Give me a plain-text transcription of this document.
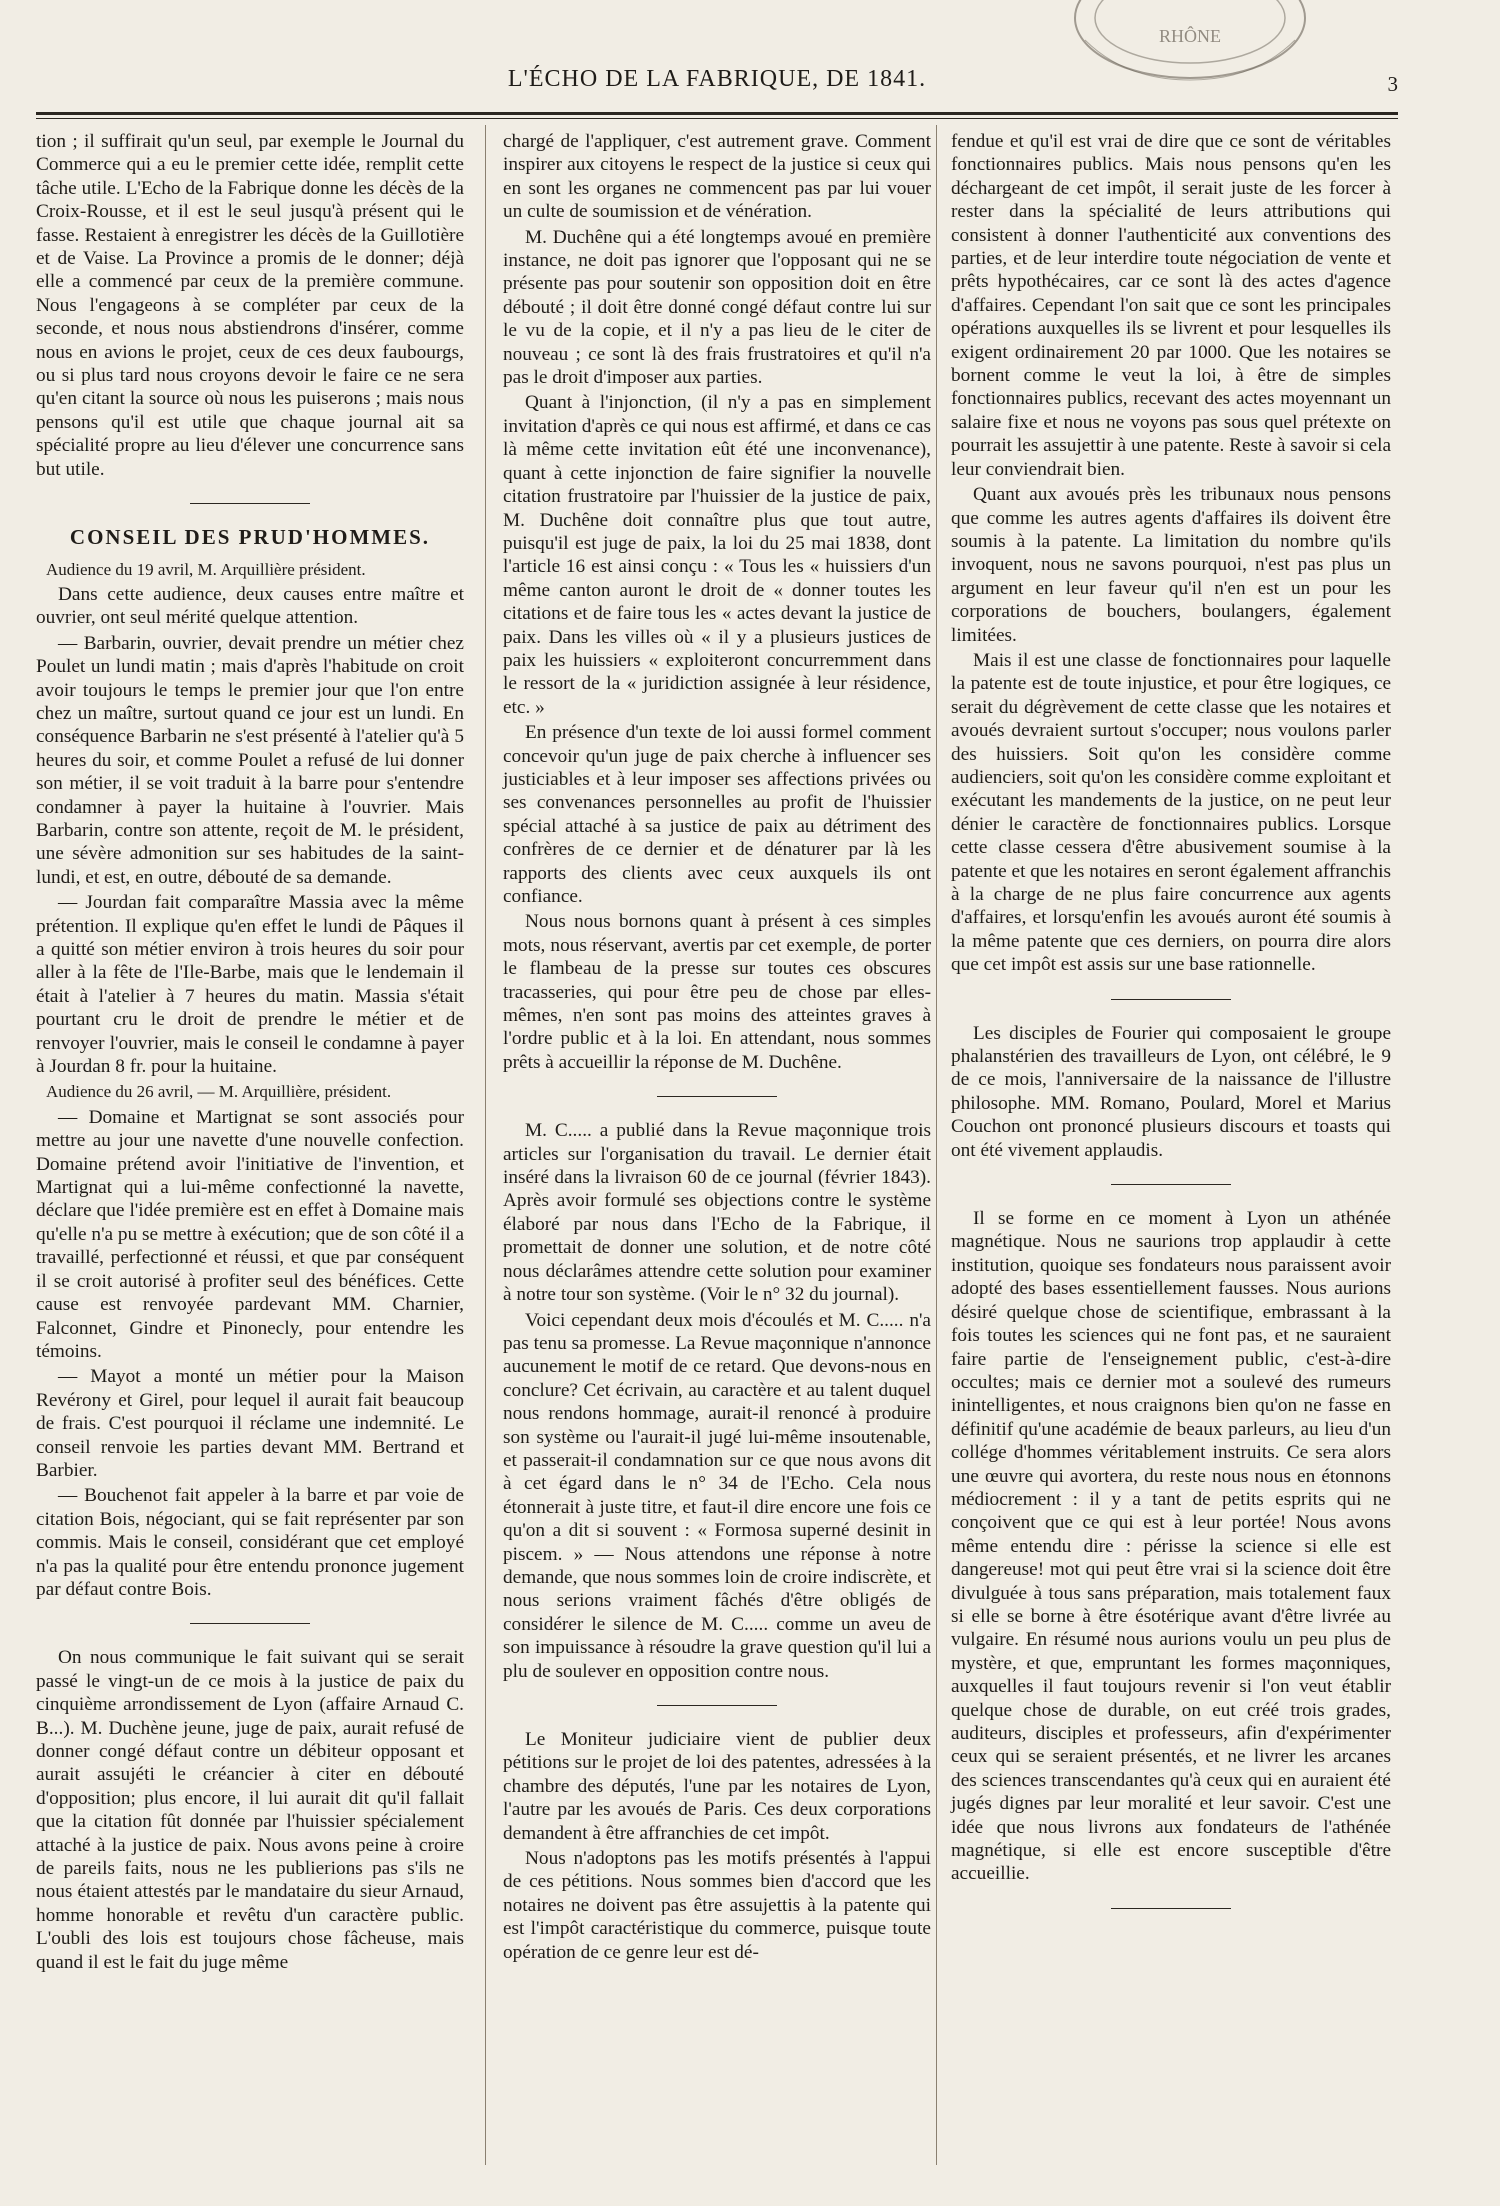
L'ÉCHO DE LA FABRIQUE, DE 1841.	3
RHÔNE

tion ; il suffirait qu'un seul, par exemple le Journal du Commerce qui a eu le premier cette idée, remplit cette tâche utile. L'Echo de la Fabrique donne les décès de la Croix-Rousse, et il est le seul jusqu'à présent qui le fasse. Restaient à enregistrer les décès de la Guillotière et de Vaise. La Province a promis de le donner; déjà elle a commencé par ceux de la première commune. Nous l'engageons à se compléter par ceux de la seconde, et nous nous abstiendrons d'insérer, comme nous en avions le projet, ceux de ces deux faubourgs, ou si plus tard nous croyons devoir le faire ce ne sera qu'en citant la source où nous les puiserons ; mais nous pensons qu'il est utile que chaque journal ait sa spécialité propre au lieu d'élever une concurrence sans but utile.

CONSEIL DES PRUD'HOMMES.

Audience du 19 avril, M. Arquillière président.

Dans cette audience, deux causes entre maître et ouvrier, ont seul mérité quelque attention.

— Barbarin, ouvrier, devait prendre un métier chez Poulet un lundi matin ; mais d'après l'habitude on croit avoir toujours le temps le premier jour que l'on entre chez un maître, surtout quand ce jour est un lundi. En conséquence Barbarin ne s'est présenté à l'atelier qu'à 5 heures du soir, et comme Poulet a refusé de lui donner son métier, il se voit traduit à la barre pour s'entendre condamner à payer la huitaine à l'ouvrier. Mais Barbarin, contre son attente, reçoit de M. le président, une sévère admonition sur ses habitudes de la saint-lundi, et est, en outre, débouté de sa demande.

— Jourdan fait comparaître Massia avec la même prétention. Il explique qu'en effet le lundi de Pâques il a quitté son métier environ à trois heures du soir pour aller à la fête de l'Ile-Barbe, mais que le lendemain il était à l'atelier à 7 heures du matin. Massia s'était pourtant cru le droit de prendre le métier et de renvoyer l'ouvrier, mais le conseil le condamne à payer à Jourdan 8 fr. pour la huitaine.

Audience du 26 avril, — M. Arquillière, président.

— Domaine et Martignat se sont associés pour mettre au jour une navette d'une nouvelle confection. Domaine prétend avoir l'initiative de l'invention, et Martignat qui a lui-même confectionné la navette, déclare que l'idée première est en effet à Domaine mais qu'elle n'a pu se mettre à exécution; que de son côté il a travaillé, perfectionné et réussi, et que par conséquent il se croit autorisé à profiter seul des bénéfices. Cette cause est renvoyée pardevant MM. Charnier, Falconnet, Gindre et Pinonecly, pour entendre les témoins.

— Mayot a monté un métier pour la Maison Revérony et Girel, pour lequel il aurait fait beaucoup de frais. C'est pourquoi il réclame une indemnité. Le conseil renvoie les parties devant MM. Bertrand et Barbier.

— Bouchenot fait appeler à la barre et par voie de citation Bois, négociant, qui se fait représenter par son commis. Mais le conseil, considérant que cet employé n'a pas la qualité pour être entendu prononce jugement par défaut contre Bois.

On nous communique le fait suivant qui se serait passé le vingt-un de ce mois à la justice de paix du cinquième arrondissement de Lyon (affaire Arnaud C. B...). M. Duchène jeune, juge de paix, aurait refusé de donner congé défaut contre un débiteur opposant et aurait assujéti le créancier à citer en débouté d'opposition; plus encore, il lui aurait dit qu'il fallait que la citation fût donnée par l'huissier spécialement attaché à la justice de paix. Nous avons peine à croire de pareils faits, nous ne les publierions pas s'ils ne nous étaient attestés par le mandataire du sieur Arnaud, homme honorable et revêtu d'un caractère public. L'oubli des lois est toujours chose fâcheuse, mais quand il est le fait du juge même

chargé de l'appliquer, c'est autrement grave. Comment inspirer aux citoyens le respect de la justice si ceux qui en sont les organes ne commencent pas par lui vouer un culte de soumission et de vénération.

M. Duchêne qui a été longtemps avoué en première instance, ne doit pas ignorer que l'opposant qui ne se présente pas pour soutenir son opposition doit en être débouté ; il doit être donné congé défaut contre lui sur le vu de la copie, et il n'y a pas lieu de le citer de nouveau ; ce sont là des frais frustratoires et qu'il n'a pas le droit d'imposer aux parties.

Quant à l'injonction, (il n'y a pas en simplement invitation d'après ce qui nous est affirmé, et dans ce cas là même cette invitation eût été une inconvenance), quant à cette injonction de faire signifier la nouvelle citation frustratoire par l'huissier de la justice de paix, M. Duchêne doit connaître plus que tout autre, puisqu'il est juge de paix, la loi du 25 mai 1838, dont l'article 16 est ainsi conçu : « Tous les « huissiers d'un même canton auront le droit de « donner toutes les citations et de faire tous les « actes devant la justice de paix. Dans les villes où « il y a plusieurs justices de paix les huissiers « exploiteront concurremment dans le ressort de la « juridiction assignée à leur résidence, etc. »

En présence d'un texte de loi aussi formel comment concevoir qu'un juge de paix cherche à influencer ses justiciables et à leur imposer ses affections privées ou ses convenances personnelles au profit de l'huissier spécial attaché à sa justice de paix au détriment des confrères de ce dernier et de dénaturer par là les rapports des clients avec ceux auxquels ils ont confiance.

Nous nous bornons quant à présent à ces simples mots, nous réservant, avertis par cet exemple, de porter le flambeau de la presse sur toutes ces obscures tracasseries, qui pour être peu de chose par elles-mêmes, n'en sont pas moins des atteintes graves à l'ordre public et à la loi. En attendant, nous sommes prêts à accueillir la réponse de M. Duchêne.

M. C..... a publié dans la Revue maçonnique trois articles sur l'organisation du travail. Le dernier était inséré dans la livraison 60 de ce journal (février 1843). Après avoir formulé ses objections contre le système élaboré par nous dans l'Echo de la Fabrique, il promettait de donner une solution, et de notre côté nous déclarâmes attendre cette solution pour examiner à notre tour son système. (Voir le n° 32 du journal).

Voici cependant deux mois d'écoulés et M. C..... n'a pas tenu sa promesse. La Revue maçonnique n'annonce aucunement le motif de ce retard. Que devons-nous en conclure? Cet écrivain, au caractère et au talent duquel nous rendons hommage, aurait-il renoncé à produire son système ou l'aurait-il jugé lui-même insoutenable, et passerait-il condamnation sur ce que nous avons dit à cet égard dans le n° 34 de l'Echo. Cela nous étonnerait à juste titre, et faut-il dire encore une fois ce qu'on a dit si souvent : « Formosa superné desinit in piscem. » — Nous attendons une réponse à notre demande, que nous sommes loin de croire indiscrète, et nous serions vraiment fâchés d'être obligés de considérer le silence de M. C..... comme un aveu de son impuissance à résoudre la grave question qu'il lui a plu de soulever en opposition contre nous.

Le Moniteur judiciaire vient de publier deux pétitions sur le projet de loi des patentes, adressées à la chambre des députés, l'une par les notaires de Lyon, l'autre par les avoués de Paris. Ces deux corporations demandent à être affranchies de cet impôt.

Nous n'adoptons pas les motifs présentés à l'appui de ces pétitions. Nous sommes bien d'accord que les notaires ne doivent pas être assujettis à la patente qui est l'impôt caractéristique du commerce, puisque toute opération de ce genre leur est dé-

fendue et qu'il est vrai de dire que ce sont de véritables fonctionnaires publics. Mais nous pensons qu'en les déchargeant de cet impôt, il serait juste de les forcer à rester dans la spécialité de leurs attributions qui consistent à donner l'authenticité aux conventions des parties, et de leur interdire toute négociation de vente et prêts hypothécaires, car ce sont là des actes d'agence d'affaires. Cependant l'on sait que ce sont les principales opérations auxquelles ils se livrent et pour lesquelles ils exigent ordinairement 20 par 1000. Que les notaires se bornent comme le veut la loi, à être de simples fonctionnaires publics, recevant des actes moyennant un salaire fixe et nous ne voyons pas sous quel prétexte on pourrait les assujettir à une patente. Reste à savoir si cela leur conviendrait bien.

Quant aux avoués près les tribunaux nous pensons que comme les autres agents d'affaires ils doivent être soumis à la patente. La limitation du nombre qu'ils invoquent, nous ne savons pourquoi, n'est pas plus un argument en leur faveur qu'il n'en est un pour les corporations de bouchers, boulangers, également limitées.

Mais il est une classe de fonctionnaires pour laquelle la patente est de toute injustice, et pour être logiques, ce serait du dégrèvement de cette classe que les notaires et avoués devraient surtout s'occuper; nous voulons parler des huissiers. Soit qu'on les considère comme audienciers, soit qu'on les considère comme exploitant et exécutant les mandements de la justice, on ne peut leur dénier le caractère de fonctionnaires publics. Lorsque cette classe cessera d'être abusivement soumise à la patente et que les notaires en seront également affranchis à la charge de ne plus faire concurrence aux agents d'affaires, et lorsqu'enfin les avoués auront été soumis à la même patente que ces derniers, on pourra dire alors que cet impôt est assis sur une base rationnelle.

Les disciples de Fourier qui composaient le groupe phalanstérien des travailleurs de Lyon, ont célébré, le 9 de ce mois, l'anniversaire de la naissance de l'illustre philosophe. MM. Romano, Poulard, Morel et Marius Couchon ont prononcé plusieurs discours et toasts qui ont été vivement applaudis.

Il se forme en ce moment à Lyon un athénée magnétique. Nous ne saurions trop applaudir à cette institution, quoique ses fondateurs nous paraissent avoir adopté des bases essentiellement fausses. Nous aurions désiré quelque chose de scientifique, embrassant à la fois toutes les sciences qui ne font pas, et ne sauraient faire partie de l'enseignement public, c'est-à-dire occultes; mais ce dernier mot a soulevé des rumeurs inintelligentes, et nous craignons bien qu'on ne fasse en définitif qu'une académie de beaux parleurs, au lieu d'un collége d'hommes véritablement instruits. Ce sera alors une œuvre qui avortera, du reste nous nous en étonnons médiocrement : il y a tant de petits esprits qui ne conçoivent que ce qui est à leur portée! Nous avons même entendu dire : périsse la science si elle est dangereuse! mot qui peut être vrai si la science doit être divulguée à tous sans préparation, mais totalement faux si elle se borne à être ésotérique avant d'être livrée au vulgaire. En résumé nous aurions voulu un peu plus de mystère, et que, empruntant les formes maçonniques, auxquelles il faut toujours revenir si l'on veut établir quelque chose de durable, on eut créé trois grades, auditeurs, disciples et professeurs, afin d'expérimenter ceux qui se seraient présentés, et ne livrer les arcanes des sciences transcendantes qu'à ceux qui en auraient été jugés dignes par leur moralité et leur savoir. C'est une idée que nous livrons aux fondateurs de l'athénée magnétique, si elle est encore susceptible d'être accueillie.
